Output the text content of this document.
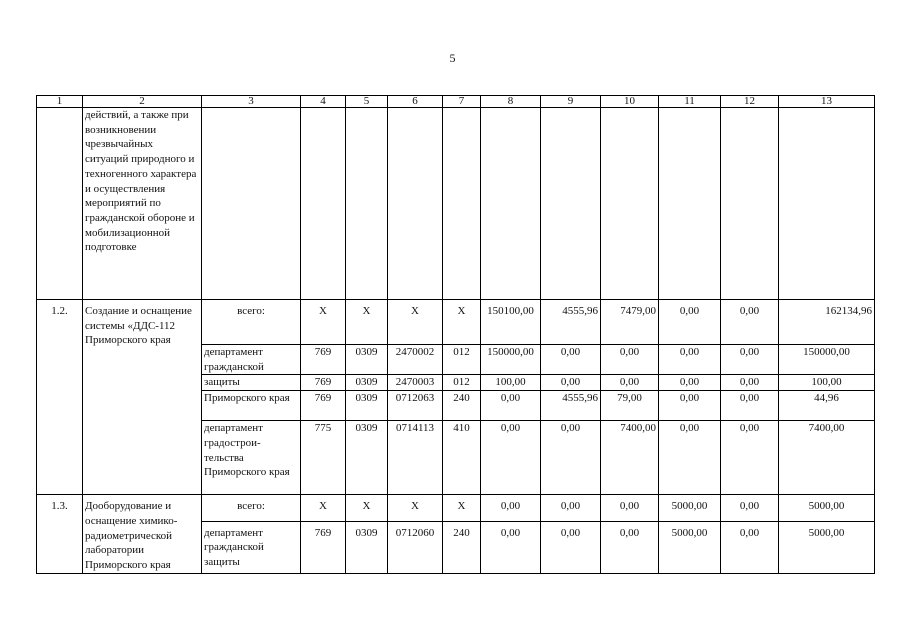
5
1	2	3	4	5	6	7	8	9	10	11	12	13
	действий, а также при возникновении чрезвычайных ситуаций природного и техногенного характера и осуществления мероприятий по гражданской обороне и мобилизационной подготовке											
1.2.	Создание и оснащение системы «ДДС-112 Приморского края	всего:	X	X	X	X	150100,00	4555,96	7479,00	0,00	0,00	162134,96
		департамент гражданской	769	0309	2470002	012	150000,00	0,00	0,00	0,00	0,00	150000,00
		защиты	769	0309	2470003	012	100,00	0,00	0,00	0,00	0,00	100,00
		Приморского края	769	0309	0712063	240	0,00	4555,96	79,00	0,00	0,00	44,96
		департамент градострои-тельства Приморского края	775	0309	0714113	410	0,00	0,00	7400,00	0,00	0,00	7400,00
1.3.	Дооборудование и оснащение химико-радиометрической лаборатории Приморского края	всего:	X	X	X	X	0,00	0,00	0,00	5000,00	0,00	5000,00
		департамент гражданской защиты	769	0309	0712060	240	0,00	0,00	0,00	5000,00	0,00	5000,00
